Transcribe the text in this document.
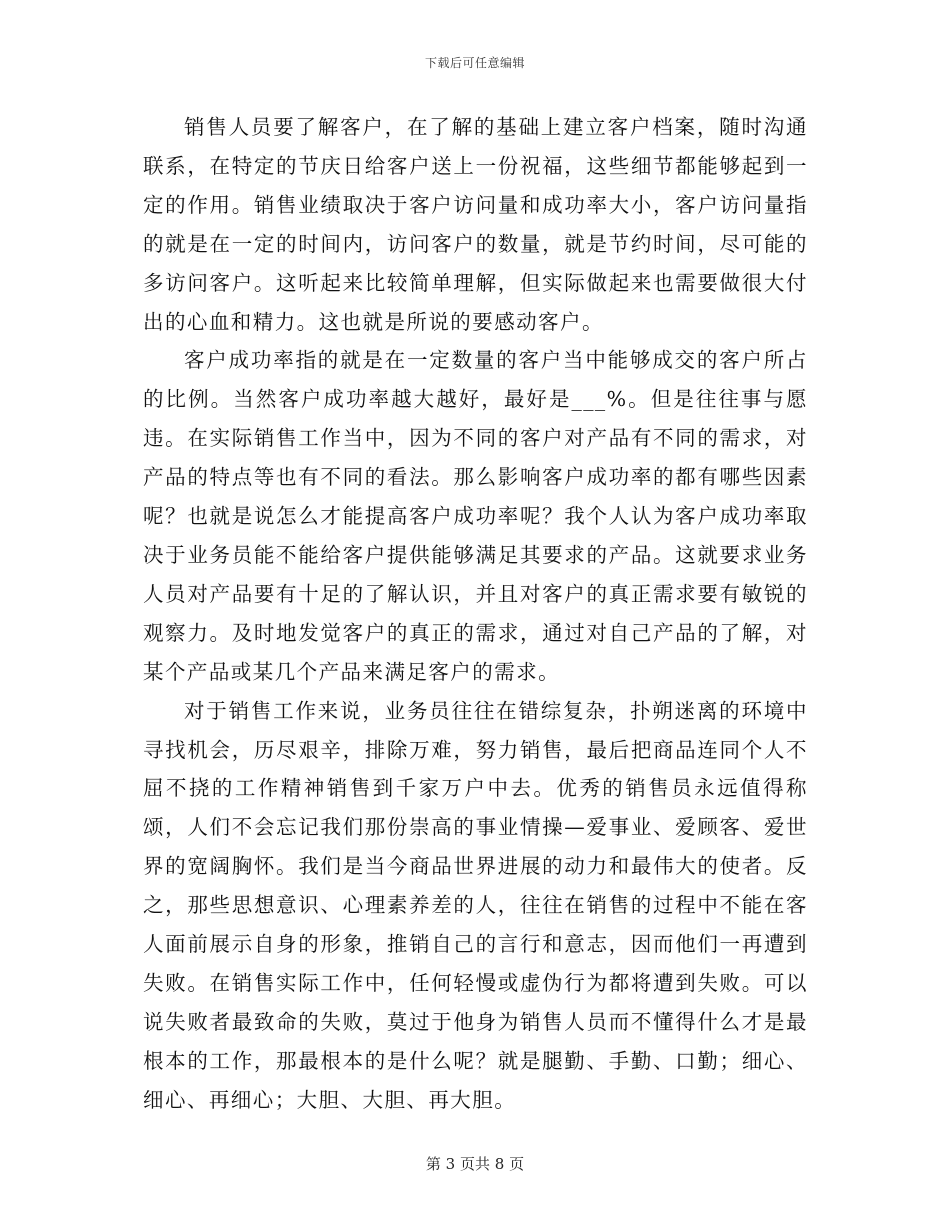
下载后可任意编辑

销售人员要了解客户，在了解的基础上建立客户档案，随时沟通联系，在特定的节庆日给客户送上一份祝福，这些细节都能够起到一定的作用。销售业绩取决于客户访问量和成功率大小，客户访问量指的就是在一定的时间内，访问客户的数量，就是节约时间，尽可能的多访问客户。这听起来比较简单理解，但实际做起来也需要做很大付出的心血和精力。这也就是所说的要感动客户。

客户成功率指的就是在一定数量的客户当中能够成交的客户所占的比例。当然客户成功率越大越好，最好是___%。但是往往事与愿违。在实际销售工作当中，因为不同的客户对产品有不同的需求，对产品的特点等也有不同的看法。那么影响客户成功率的都有哪些因素呢？也就是说怎么才能提高客户成功率呢？我个人认为客户成功率取决于业务员能不能给客户提供能够满足其要求的产品。这就要求业务人员对产品要有十足的了解认识，并且对客户的真正需求要有敏锐的观察力。及时地发觉客户的真正的需求，通过对自己产品的了解，对某个产品或某几个产品来满足客户的需求。

对于销售工作来说，业务员往往在错综复杂，扑朔迷离的环境中寻找机会，历尽艰辛，排除万难，努力销售，最后把商品连同个人不屈不挠的工作精神销售到千家万户中去。优秀的销售员永远值得称颂，人们不会忘记我们那份崇高的事业情操—爱事业、爱顾客、爱世界的宽阔胸怀。我们是当今商品世界进展的动力和最伟大的使者。反之，那些思想意识、心理素养差的人，往往在销售的过程中不能在客人面前展示自身的形象，推销自己的言行和意志，因而他们一再遭到失败。在销售实际工作中，任何轻慢或虚伪行为都将遭到失败。可以说失败者最致命的失败，莫过于他身为销售人员而不懂得什么才是最根本的工作，那最根本的是什么呢？就是腿勤、手勤、口勤；细心、细心、再细心；大胆、大胆、再大胆。

第 3 页共 8 页
